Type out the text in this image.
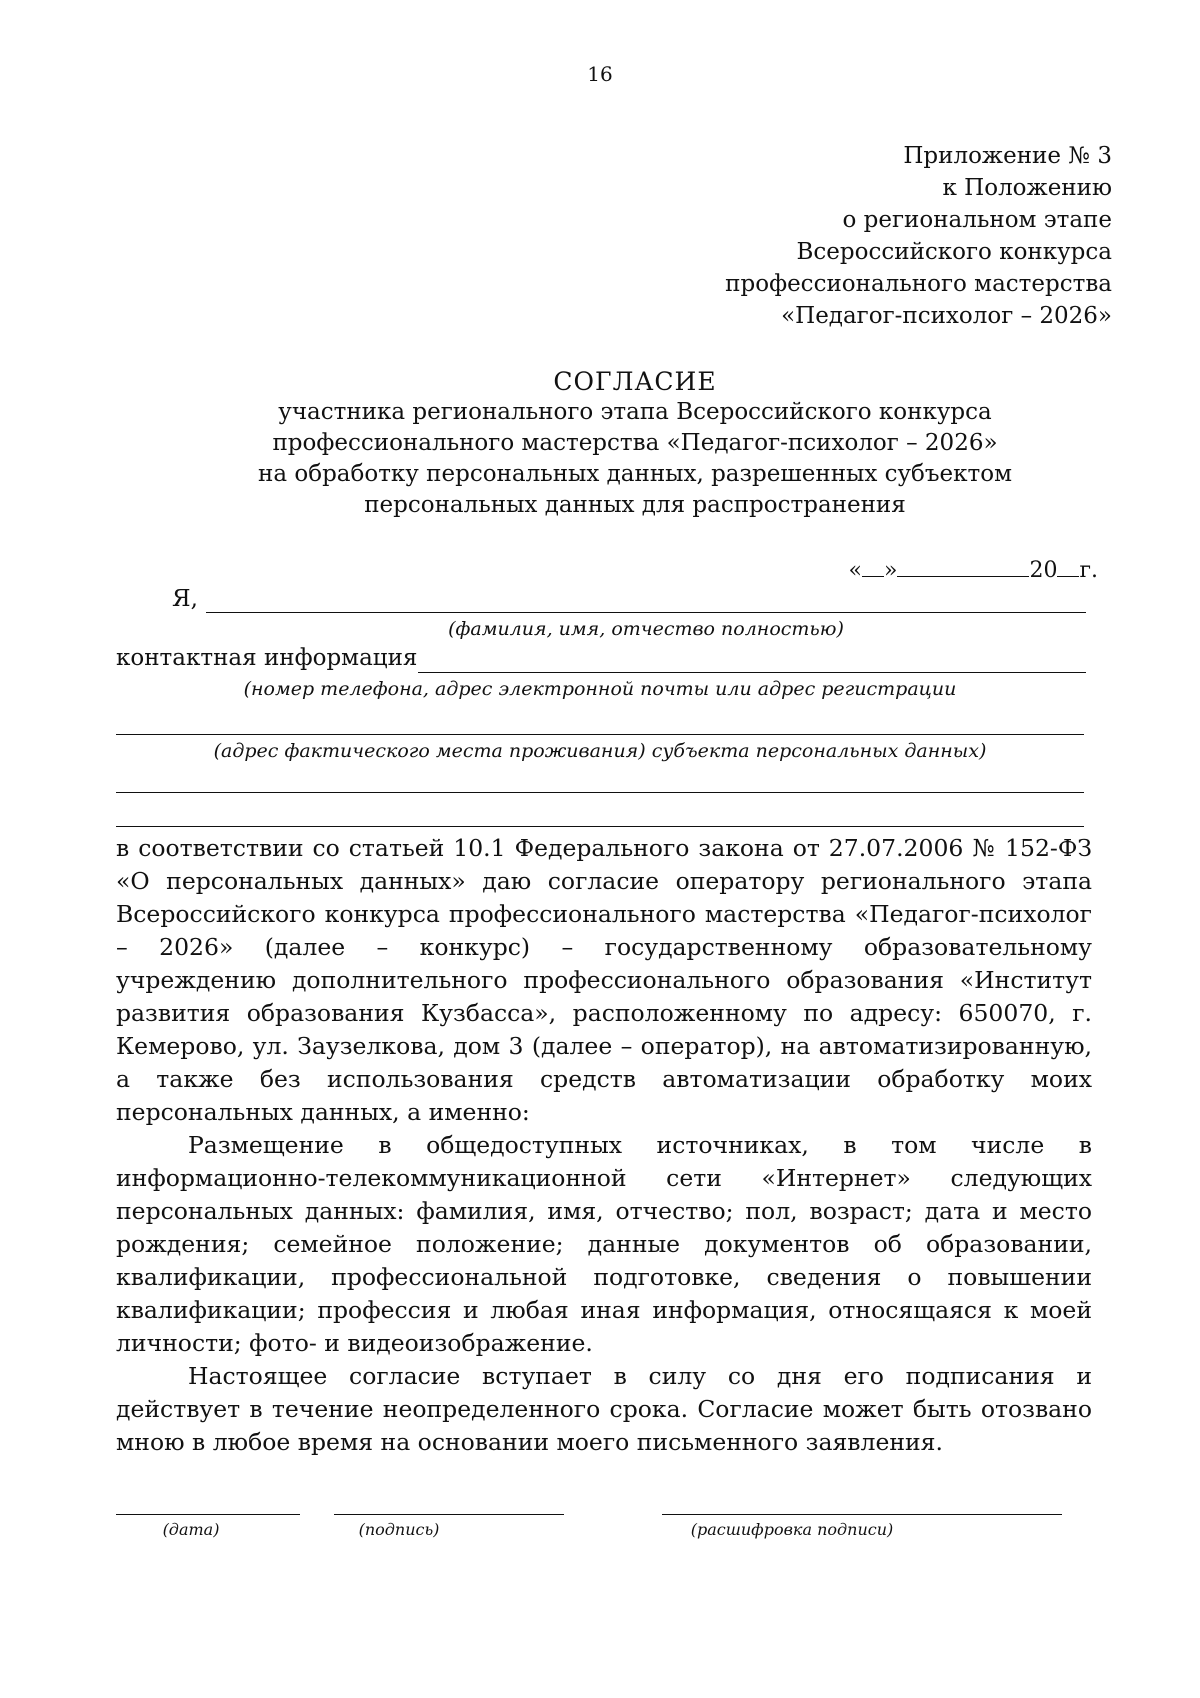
16
Приложение № 3
к Положению
о региональном этапе
Всероссийского конкурса
профессионального мастерства
«Педагог-психолог – 2026»
СОГЛАСИЕ
участника регионального этапа Всероссийского конкурса
профессионального мастерства «Педагог-психолог – 2026»
на обработку персональных данных, разрешенных субъектом
персональных данных для распространения
« »	20 г.
Я,
(фамилия, имя, отчество полностью)
контактная информация
(номер телефона, адрес электронной почты или адрес регистрации
(адрес фактического места проживания) субъекта персональных данных)

в соответствии со статьей 10.1 Федерального закона от 27.07.2006 № 152-ФЗ «О персональных данных» даю согласие оператору регионального этапа Всероссийского конкурса профессионального мастерства «Педагог-психолог – 2026» (далее – конкурс) – государственному образовательному учреждению дополнительного профессионального образования «Институт развития образования Кузбасса», расположенному по адресу: 650070, г. Кемерово, ул. Заузелкова, дом 3 (далее – оператор), на автоматизированную, а также без использования средств автоматизации обработку моих персональных данных, а именно:

Размещение в общедоступных источниках, в том числе в информационно-телекоммуникационной сети «Интернет» следующих персональных данных: фамилия, имя, отчество; пол, возраст; дата и место рождения; семейное положение; данные документов об образовании, квалификации, профессиональной подготовке, сведения о повышении квалификации; профессия и любая иная информация, относящаяся к моей личности; фото- и видеоизображение.

Настоящее согласие вступает в силу со дня его подписания и действует в течение неопределенного срока. Согласие может быть отозвано мною в любое время на основании моего письменного заявления.

(дата)	(подпись)	(расшифровка подписи)
